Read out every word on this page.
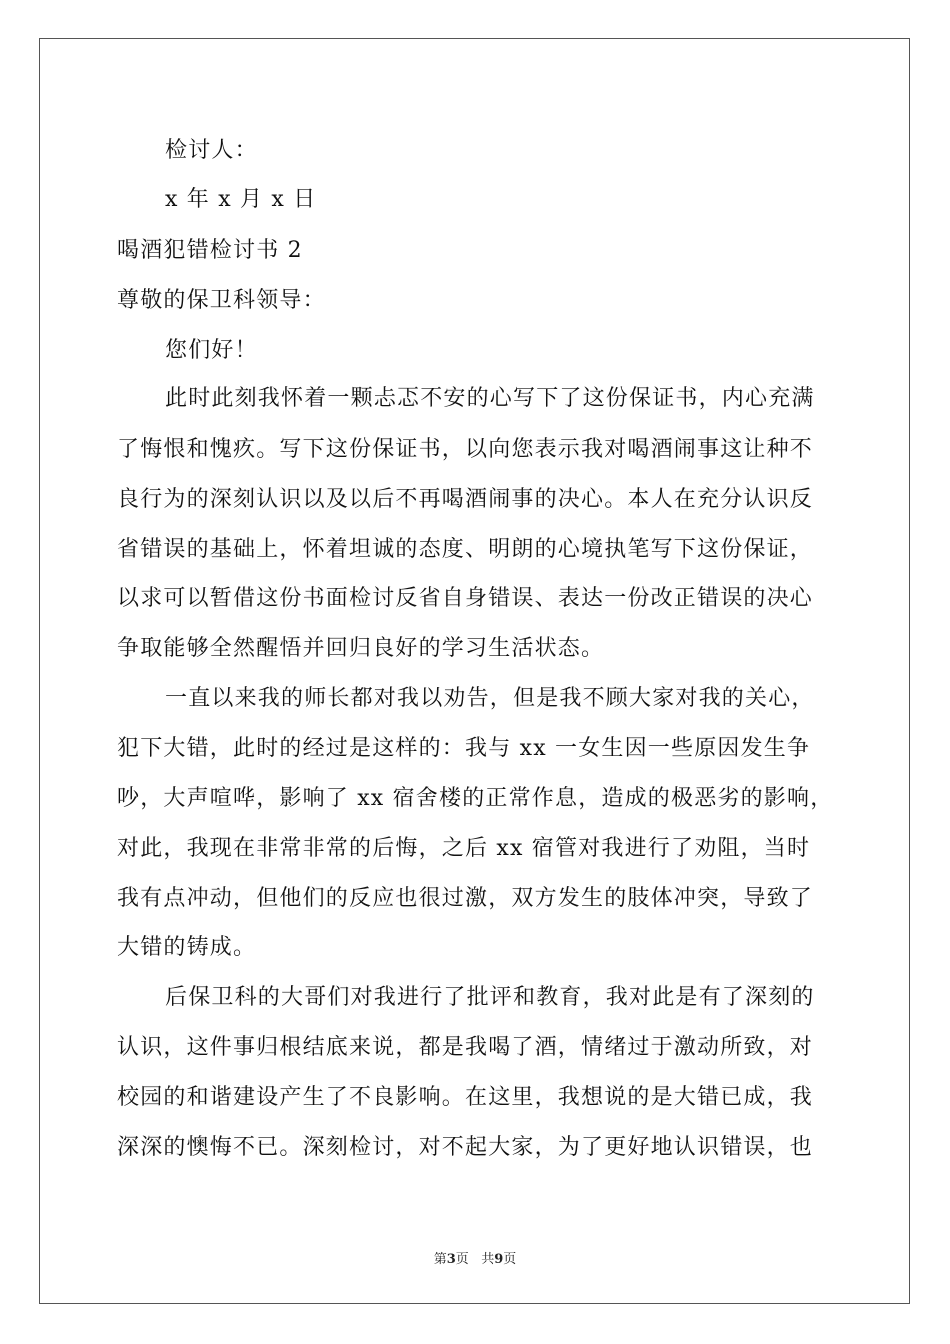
检讨人：
x 年 x 月 x 日
喝酒犯错检讨书 2
尊敬的保卫科领导：
您们好！
此时此刻我怀着一颗忐忑不安的心写下了这份保证书，内心充满
了悔恨和愧疚。写下这份保证书，以向您表示我对喝酒闹事这让种不
良行为的深刻认识以及以后不再喝酒闹事的决心。本人在充分认识反
省错误的基础上，怀着坦诚的态度、明朗的心境执笔写下这份保证，
以求可以暂借这份书面检讨反省自身错误、表达一份改正错误的决心
争取能够全然醒悟并回归良好的学习生活状态。
一直以来我的师长都对我以劝告，但是我不顾大家对我的关心，
犯下大错，此时的经过是这样的：我与 xx 一女生因一些原因发生争
吵，大声喧哗，影响了 xx 宿舍楼的正常作息，造成的极恶劣的影响，
对此，我现在非常非常的后悔，之后 xx 宿管对我进行了劝阻，当时
我有点冲动，但他们的反应也很过激，双方发生的肢体冲突，导致了
大错的铸成。
后保卫科的大哥们对我进行了批评和教育，我对此是有了深刻的
认识，这件事归根结底来说，都是我喝了酒，情绪过于激动所致，对
校园的和谐建设产生了不良影响。在这里，我想说的是大错已成，我
深深的懊悔不已。深刻检讨，对不起大家，为了更好地认识错误，也
第3页 共9页
